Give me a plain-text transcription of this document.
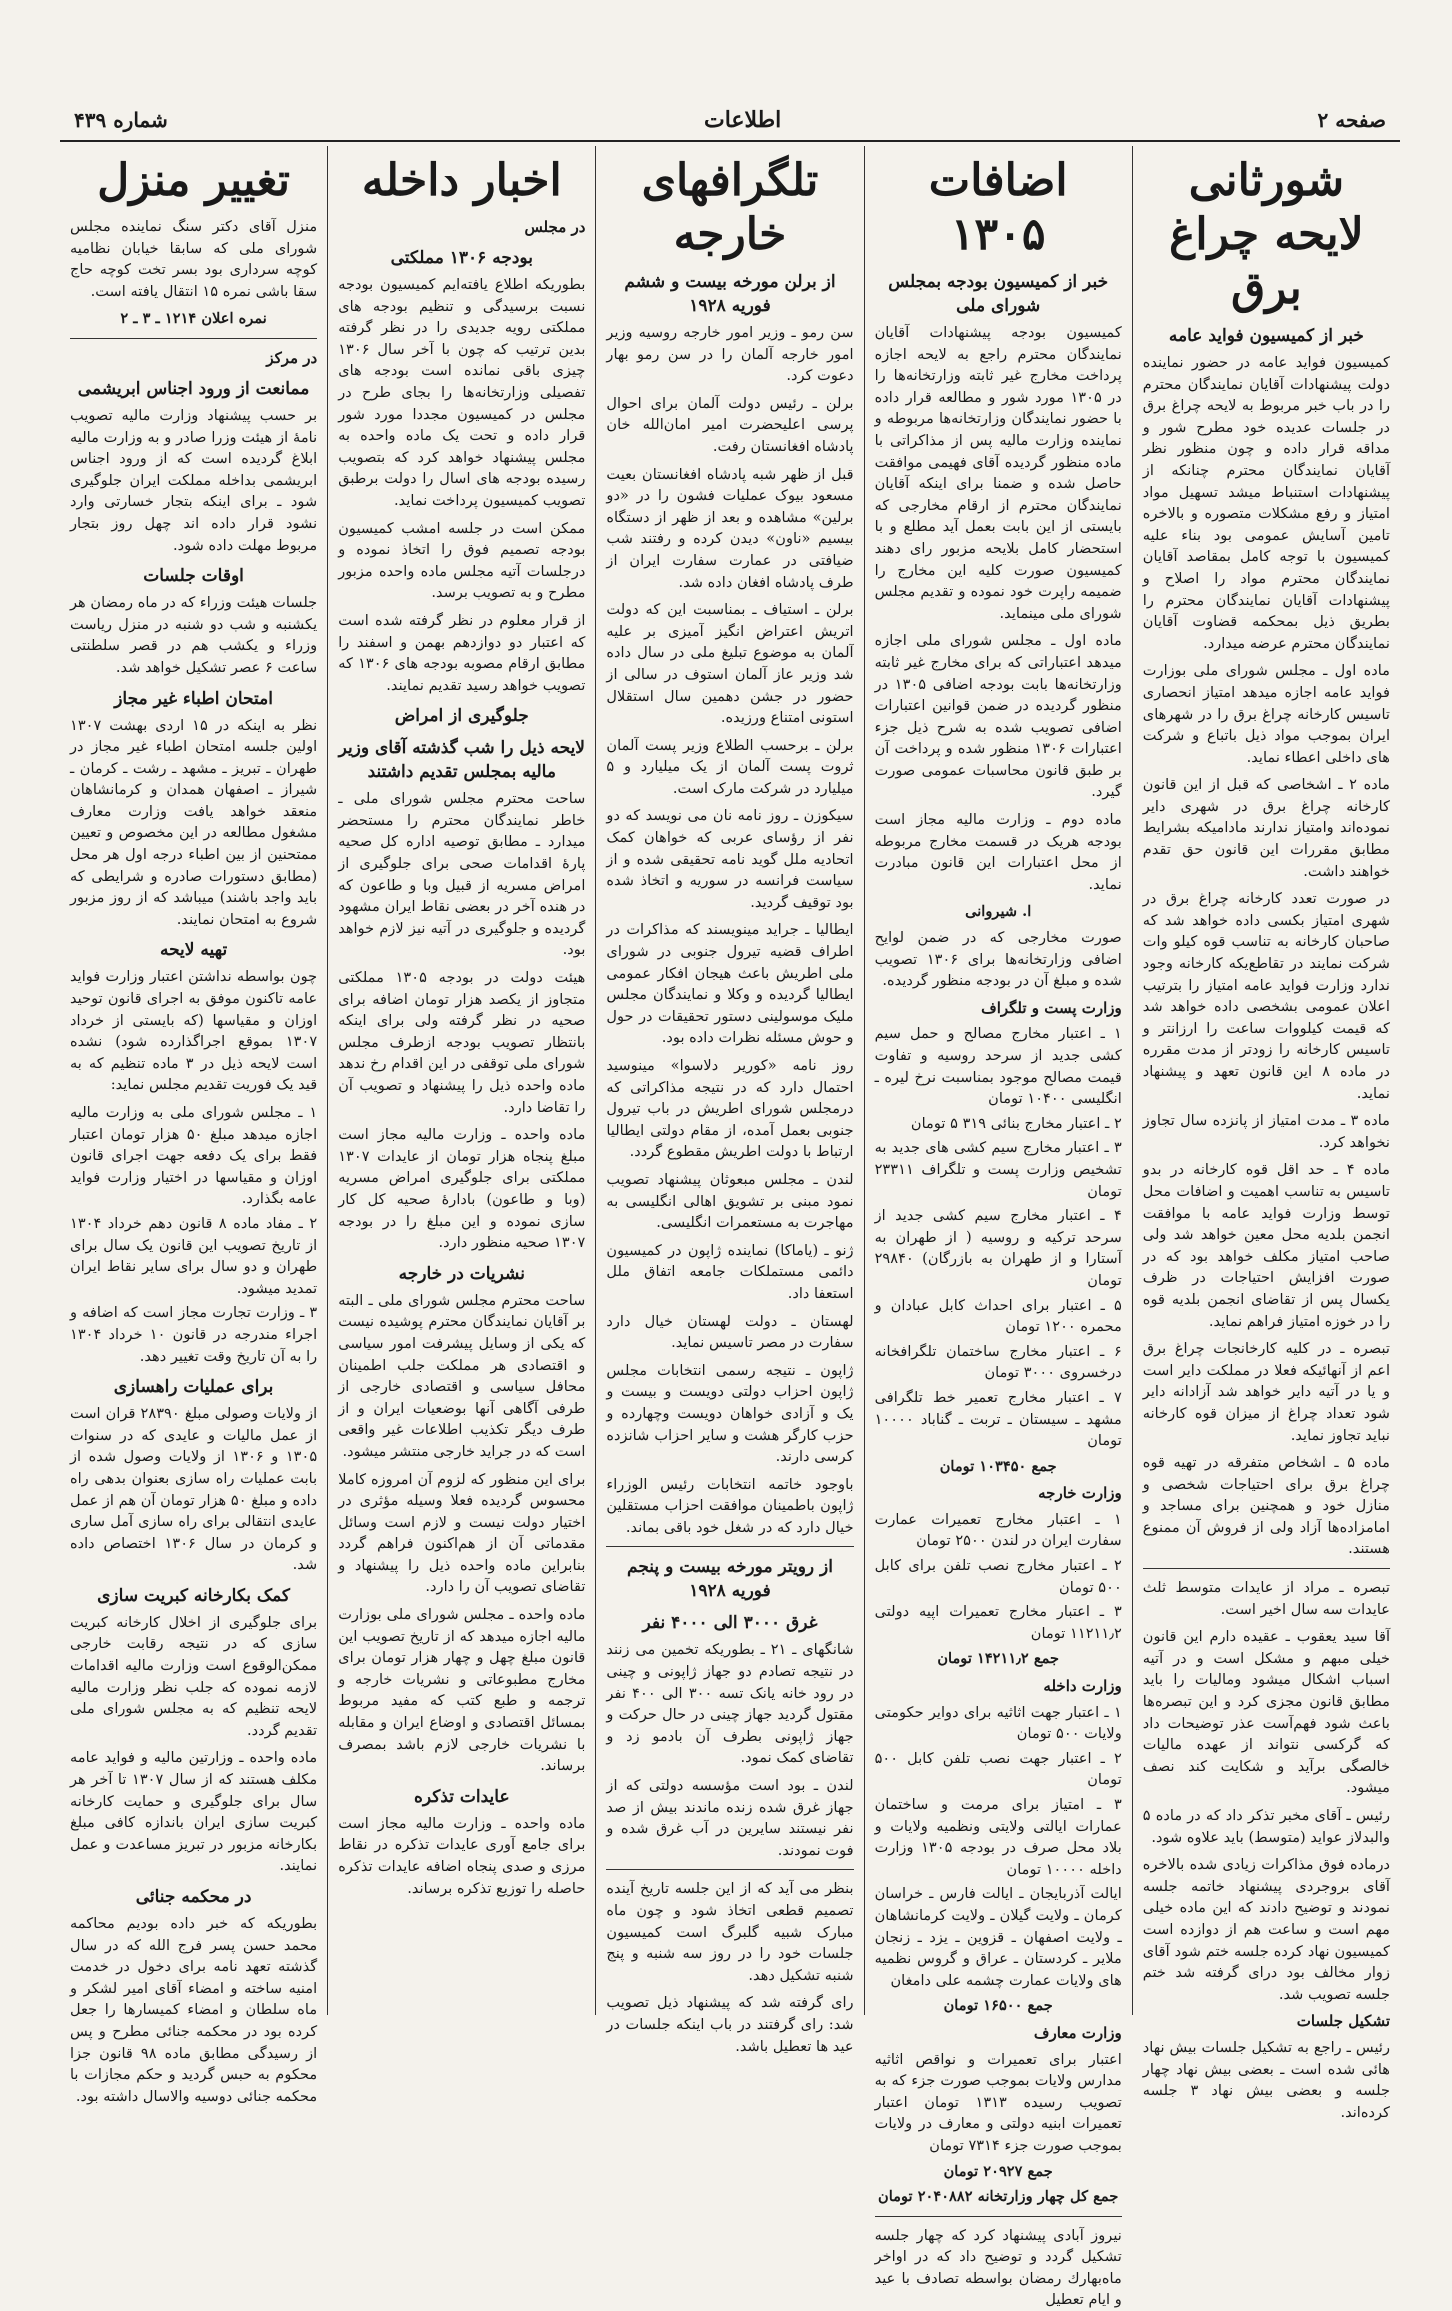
صفحه ۲
اطلاعات
شماره ۴۳۹
شورثانی لایحه چراغ برق
خبر از کمیسیون فواید عامه
کمیسیون فواید عامه در حضور نماینده دولت پیشنهادات آقایان نمایندگان محترم را در باب خبر مربوط به لایحه چراغ برق در جلسات عدیده خود مطرح شور و مداقه قرار داده و چون منظور نظر آقایان نمایندگان محترم چنانکه از پیشنهادات استنباط میشد تسهیل مواد امتیاز و رفع مشکلات متصوره و بالاخره تامین آسایش عمومی بود بناء علیه کمیسیون با توجه کامل بمقاصد آقایان نمایندگان محترم مواد را اصلاح و پیشنهادات آقایان نمایندگان محترم را بطریق ذیل بمحکمه قضاوت آقایان نمایندگان محترم عرضه میدارد.
ماده اول ـ مجلس شورای ملی بوزارت فواید عامه اجازه میدهد امتیاز انحصاری تاسیس کارخانه چراغ برق را در شهرهای ایران بموجب مواد ذیل باتباع و شرکت های داخلی اعطاء نماید.
ماده ۲ ـ اشخاصی که قبل از این قانون کارخانه چراغ برق در شهری دایر نموده‌اند وامتیاز ندارند مادامیکه بشرایط مطابق مقررات این قانون حق تقدم خواهند داشت.
در صورت تعدد کارخانه چراغ برق در شهری امتیاز بکسی داده خواهد شد که صاحبان کارخانه به تناسب قوه کیلو وات شرکت نمایند در تقاطع‌یکه کارخانه وجود ندارد وزارت فواید عامه امتیاز را بترتیب اعلان عمومی بشخصی داده خواهد شد که قیمت کیلووات ساعت را ارزانتر و تاسیس کارخانه را زودتر از مدت مقرره در ماده ۸ این قانون تعهد و پیشنهاد نماید.
ماده ۳ ـ مدت امتیاز از پانزده سال تجاوز نخواهد کرد.
ماده ۴ ـ حد اقل قوه کارخانه در بدو تاسیس به تناسب اهمیت و اضافات محل توسط وزارت فواید عامه با موافقت انجمن بلدیه محل معین خواهد شد ولی صاحب امتیاز مکلف خواهد بود که در صورت افزایش احتیاجات در ظرف یکسال پس از تقاضای انجمن بلدیه قوه را در خوزه امتیاز فراهم نماید.
تبصره ـ در کلیه کارخانجات چراغ برق اعم از آنهائیکه فعلا در مملکت دایر است و یا در آتیه دایر خواهد شد آزادانه دایر شود تعداد چراغ از میزان قوه کارخانه نباید تجاوز نماید.
ماده ۵ ـ اشخاص متفرقه در تهیه قوه چراغ برق برای احتیاجات شخصی و منازل خود و همچنین برای مساجد و امامزاده‌ها آزاد ولی از فروش آن ممنوع هستند.
تبصره ـ مراد از عایدات متوسط ثلث عایدات سه سال اخیر است.
آقا سید یعقوب ـ عقیده دارم این قانون خیلی مبهم و مشکل است و در آتیه اسباب اشکال میشود ومالیات را باید مطابق قانون مجزی کرد و این تبصره‌ها باعث شود فهم‌آست عذر توضیحات داد که گرکسی نتواند از عهده مالیات خالصگی برآید و شکایت کند نصف میشود.
رئیس ـ آقای مخبر تذکر داد که در ماده ۵ والبدلاز عواید (متوسط) باید علاوه شود.
درماده فوق مذاکرات زیادی شده بالاخره آقای بروجردی پیشنهاد خاتمه جلسه نمودند و توضیح دادند که این ماده خیلی مهم است و ساعت هم از دوازده است کمیسیون نهاد کرده جلسه ختم شود آقای زوار مخالف بود درای گرفته شد ختم جلسه تصویب شد.
تشکیل جلسات
رئیس ـ راجع به تشکیل جلسات بیش نهاد هائی شده است ـ بعضی بیش نهاد چهار جلسه و بعضی بیش نهاد ۳ جلسه کرده‌اند.
اضافات ۱۳۰۵
خبر از کمیسیون بودجه بمجلس شورای ملی
کمیسیون بودجه پیشنهادات آقایان نمایندگان محترم راجع به لایحه اجازه پرداخت مخارج غیر ثابته وزارتخانه‌ها را در ۱۳۰۵ مورد شور و مطالعه قرار داده با حضور نمایندگان وزارتخانه‌ها مربوطه و نماینده وزارت مالیه پس از مذاکراتی با ماده منظور گردیده آقای فهیمی موافقت حاصل شده و ضمنا برای اینکه آقایان نمایندگان محترم از ارقام مخارجی که بایستی از این بابت بعمل آید مطلع و با استحضار کامل بلایحه مزبور رای دهند کمیسیون صورت کلیه این مخارج را ضمیمه راپرت خود نموده و تقدیم مجلس شورای ملی مینماید.
ماده اول ـ مجلس شورای ملی اجازه میدهد اعتباراتی که برای مخارج غیر ثابته وزارتخانه‌ها بابت بودجه اضافی ۱۳۰۵ در منظور گردیده در ضمن قوانین اعتبارات اضافی تصویب شده به شرح ذیل جزء اعتبارات ۱۳۰۶ منظور شده و پرداخت آن بر طبق قانون محاسبات عمومی صورت گیرد.
ماده دوم ـ وزارت مالیه مجاز است بودجه هریک در قسمت مخارج مربوطه از محل اعتبارات این قانون مبادرت نماید.
ا. شیروانی
صورت مخارجی که در ضمن لوایح اضافی وزارتخانه‌ها برای ۱۳۰۶ تصویب شده و مبلغ آن در بودجه منظور گردیده.
وزارت پست و تلگراف
۱ ـ اعتبار مخارج مصالح و حمل سیم کشی جدید از سرحد روسیه و تفاوت قیمت مصالح موجود بمناسبت نرخ لیره ـ انگلیسی ۱۰۴۰۰ تومان
۲ ـ اعتبار مخارج بنائی ۳۱۹ ۵ تومان
۳ ـ اعتبار مخارج سیم کشی های جدید به تشخیص وزارت پست و تلگراف ۲۳۳۱۱ تومان
۴ ـ اعتبار مخارج سیم کشی جدید از سرحد ترکیه و روسیه ( از طهران به آستارا و از طهران به بازرگان) ۲۹۸۴۰ تومان
۵ ـ اعتبار برای احداث کابل عبادان و محمره ۱۲۰۰ تومان
۶ ـ اعتبار مخارج ساختمان تلگرافخانه درخسروی ۳۰۰۰ تومان
۷ ـ اعتبار مخارج تعمیر خط تلگرافی مشهد ـ سیستان ـ تربت ـ گناباد ۱۰۰۰۰ تومان
جمع ۱۰۳۴۵۰ تومان
وزارت خارجه
۱ ـ اعتبار مخارج تعمیرات عمارت سفارت ایران در لندن ۲۵۰۰ تومان
۲ ـ اعتبار مخارج نصب تلفن برای کابل ۵۰۰ تومان
۳ ـ اعتبار مخارج تعمیرات اپیه دولتی ۱۱۲۱۱٫۲ تومان
جمع ۱۴۲۱۱٫۲ تومان
وزارت داخله
۱ ـ اعتبار جهت اثاثیه برای دوایر حکومتی ولایات ۵۰۰ تومان
۲ ـ اعتبار جهت نصب تلفن کابل ۵۰۰ تومان
۳ ـ امتیاز برای مرمت و ساختمان عمارات ایالتی ولایتی ونظمیه ولایات و بلاد محل صرف در بودجه ۱۳۰۵ وزارت داخله ۱۰۰۰۰ تومان
ایالت آذربایجان ـ ایالت فارس ـ خراسان کرمان ـ ولایت گیلان ـ ولایت کرمانشاهان ـ ولایت اصفهان ـ قزوین ـ یزد ـ زنجان ملایر ـ کردستان ـ عراق و گروس نظمیه های ولایات عمارت چشمه علی دامغان
جمع ۱۶۵۰۰ تومان
وزارت معارف
اعتبار برای تعمیرات و نواقص اثاثیه مدارس ولایات بموجب صورت جزء که به تصویب رسیده ۱۳۱۳ تومان اعتبار تعمیرات ابنیه دولتی و معارف در ولایات بموجب صورت جزء ۷۳۱۴ تومان
جمع ۲۰۹۲۷ تومان
جمع کل چهار وزارتخانه ۲۰۴۰۸۸۲ تومان
نیروز آبادی پیشنهاد کرد که چهار جلسه تشکیل گردد و توضیح داد که در اواخر ماه‌بهارك رمضان بواسطه تصادف با عید و ایام تعطیل
تلگرافهای خارجه
از برلن مورخه بیست و ششم فوریه ۱۹۲۸
سن رمو ـ وزیر امور خارجه روسیه وزیر امور خارجه آلمان را در سن رمو بهار دعوت کرد.
برلن ـ رئیس دولت آلمان برای احوال پرسی اعلیحضرت امیر امان‌الله خان پادشاه افغانستان رفت.
قبل از ظهر شبه پادشاه افغانستان بعیت مسعود بیوک عملیات فشون را در «دو برلین» مشاهده و بعد از ظهر از دستگاه بیسیم «ناون» دیدن کرده و رفتند شب ضیافتی در عمارت سفارت ایران از طرف پادشاه افغان داده شد.
برلن ـ استیاف ـ بمناسبت این که دولت اتریش اعتراض انگیز آمیزی بر علیه آلمان به موضوع تبلیغ ملی در سال داده شد وزیر عاز آلمان استوف در سالی از حضور در جشن دهمین سال استقلال استونی امتناع ورزیده.
برلن ـ برحسب الطلاع وزیر پست آلمان ثروت پست آلمان از یک میلیارد و ۵ میلیارد در شرکت مارک است.
سیکوزن ـ روز نامه نان می نویسد که دو نفر از رؤسای عربی که خواهان کمک اتحادیه ملل گوید نامه تحقیقی شده و از سیاست فرانسه در سوریه و اتخاذ شده بود توقیف گردید.
ایطالیا ـ جراید مینویسند که مذاکرات در اطراف قضیه تیرول جنوبی در شورای ملی اطریش باعث هیجان افکار عمومی ایطالیا گردیده و وکلا و نمایندگان مجلس ملیک موسولینی دستور تحقیقات در حول و حوش مسئله نظرات داده بود.
روز نامه «کوریر دلاسوا» مینوسید احتمال دارد که در نتیجه مذاکراتی که درمجلس شورای اطریش در باب تیرول جنوبی بعمل آمده، از مقام دولتی ایطالیا ارتباط با دولت اطریش مقطوع گردد.
لندن ـ مجلس مبعوثان پیشنهاد تصویب نمود مبنی بر تشویق اهالی انگلیسی به مهاجرت به مستعمرات انگلیسی.
ژنو ـ (یاماکا) نماینده ژاپون در کمیسیون دائمی مستملکات جامعه اتفاق ملل استعفا داد.
لهستان ـ دولت لهستان خیال دارد سفارت در مصر تاسیس نماید.
ژاپون ـ نتیجه رسمی انتخابات مجلس ژاپون احزاب دولتی دویست و بیست و یک و آزادی خواهان دویست وچهارده و حزب کارگر هشت و سایر احزاب شانزده کرسی دارند.
باوجود خاتمه انتخابات رئیس الوزراء ژاپون باطمینان موافقت احزاب مستقلین خیال دارد که در شغل خود باقی بماند.
از رویتر مورخه بیست و پنجم فوریه ۱۹۲۸
غرق ۳۰۰۰ الی ۴۰۰۰ نفر
شانگهای ـ ۲۱ ـ بطوریکه تخمین می زنند در نتیجه تصادم دو جهاز ژاپونی و چینی در رود خانه یانک تسه ۳۰۰ الی ۴۰۰ نفر مقتول گردید جهاز چینی در حال حرکت و جهاز ژاپونی بطرف آن بادمو زد و تقاضای کمک نمود.
لندن ـ بود است مؤسسه دولتی که از جهاز غرق شده زنده ماندند بیش از صد نفر نیستند سایرین در آب غرق شده و فوت نمودند.
بنظر می آید که از این جلسه تاریخ آینده تصمیم قطعی اتخاذ شود و چون ماه مبارک شبیه گلبرگ است کمیسیون جلسات خود را در روز سه شنبه و پنج شنبه تشکیل دهد.
رای گرفته شد که پیشنهاد ذیل تصویب شد: رای گرفتند در باب اینکه جلسات در عید ها تعطیل باشد.
اخبار داخله
در مجلس
بودجه ۱۳۰۶ مملکتی
بطوریکه اطلاع یافته‌ایم کمیسیون بودجه نسبت برسیدگی و تنظیم بودجه های مملکتی رویه جدیدی را در نظر گرفته بدین ترتیب که چون با آخر سال ۱۳۰۶ چیزی باقی نمانده است بودجه های تفصیلی وزارتخانه‌ها را بجای طرح در مجلس در کمیسیون مجددا مورد شور قرار داده و تحت یک ماده واحده به مجلس پیشنهاد خواهد کرد که بتصویب رسیده بودجه های اسال را دولت برطبق تصویب کمیسیون پرداخت نماید.
ممکن است در جلسه امشب کمیسیون بودجه تصمیم فوق را اتخاذ نموده و درجلسات آتیه مجلس ماده واحده مزبور مطرح و به تصویب برسد.
از قرار معلوم در نظر گرفته شده است که اعتبار دو دوازدهم بهمن و اسفند را مطابق ارقام مصوبه بودجه های ۱۳۰۶ که تصویب خواهد رسید تقدیم نمایند.
جلوگیری از امراض
لایحه ذیل را شب گذشته آقای وزیر مالیه بمجلس تقدیم داشتند
ساحت محترم مجلس شورای ملی ـ خاطر نمایندگان محترم را مستحضر میدارد ـ مطابق توصیه اداره کل صحیه پارۀ اقدامات صحی برای جلوگیری از امراض مسریه از قبیل وبا و طاعون که در هنده آخر در بعضی نقاط ایران مشهود گردیده و جلوگیری در آتیه نیز لازم خواهد بود.
هیئت دولت در بودجه ۱۳۰۵ مملکتی متجاوز از یکصد هزار تومان اضافه برای صحیه در نظر گرفته ولی برای اینکه بانتظار تصویب بودجه ازطرف مجلس شورای ملی توقفی در این اقدام رخ ندهد ماده واحده ذیل را پیشنهاد و تصویب آن را تقاضا دارد.
ماده واحده ـ وزارت مالیه مجاز است مبلغ پنجاه هزار تومان از عایدات ۱۳۰۷ مملکتی برای جلوگیری امراض مسریه (وبا و طاعون) بادارۀ صحیه کل کار سازی نموده و این مبلغ را در بودجه ۱۳۰۷ صحیه منظور دارد.
نشریات در خارجه
ساحت محترم مجلس شورای ملی ـ البته بر آقایان نمایندگان محترم پوشیده نیست که یکی از وسایل پیشرفت امور سیاسی و اقتصادی هر مملکت جلب اطمینان محافل سیاسی و اقتصادی خارجی از طرفی آگاهی آنها بوضعیات ایران و از طرف دیگر تکذیب اطلاعات غیر واقعی است که در جراید خارجی منتشر میشود.
برای این منظور که لزوم آن امروزه کاملا محسوس گردیده فعلا وسیله مؤثری در اختیار دولت نیست و لازم است وسائل مقدماتی آن از هم‌اکنون فراهم گردد بنابراین ماده واحده ذیل را پیشنهاد و تقاضای تصویب آن را دارد.
ماده واحده ـ مجلس شورای ملی بوزارت مالیه اجازه میدهد که از تاریخ تصویب این قانون مبلغ چهل و چهار هزار تومان برای مخارج مطبوعاتی و نشریات خارجه و ترجمه و طبع کتب که مفید مربوط بمسائل اقتصادی و اوضاع ایران و مقابله با نشریات خارجی لازم باشد بمصرف برساند.
عایدات تذکره
ماده واحده ـ وزارت مالیه مجاز است برای جامع آوری عایدات تذکره در نقاط مرزی و صدی پنجاه اضافه عایدات تذکره حاصله را توزیع تذکره برساند.
تغییر منزل
منزل آقای دکتر سنگ نماینده مجلس شورای ملی که سابقا خیابان نظامیه کوچه سرداری بود بسر تخت کوچه حاج سقا باشی نمره ۱۵ انتقال یافته است.
نمره اعلان ۱۲۱۴ ـ ۳ ـ ۲
در مرکز
ممانعت از ورود اجناس ابریشمی
بر حسب پیشنهاد وزارت مالیه تصویب نامۀ از هیئت وزرا صادر و به وزارت مالیه ابلاغ گردیده است که از ورود اجناس ابریشمی بداخله مملکت ایران جلوگیری شود ـ برای اینکه بتجار خسارتی وارد نشود قرار داده اند چهل روز بتجار مربوط مهلت داده شود.
اوقات جلسات
جلسات هیئت وزراء که در ماه رمضان هر یکشنبه و شب دو شنبه در منزل ریاست وزراء و یکشب هم در قصر سلطنتی ساعت ۶ عصر تشکیل خواهد شد.
امتحان اطباء غیر مجاز
نظر به اینکه در ۱۵ اردی بهشت ۱۳۰۷ اولین جلسه امتحان اطباء غیر مجاز در طهران ـ تبریز ـ مشهد ـ رشت ـ کرمان ـ شیراز ـ اصفهان همدان و کرمانشاهان منعقد خواهد یافت وزارت معارف مشغول مطالعه در این مخصوص و تعیین ممتحنین از بین اطباء درجه اول هر محل (مطابق دستورات صادره و شرایطی که باید واجد باشند) میباشد که از روز مزبور شروع به امتحان نمایند.
تهیه لایحه
چون بواسطه نداشتن اعتبار وزارت فواید عامه تاکنون موفق به اجرای قانون توحید اوزان و مقیاسها (که بایستی از خرداد ۱۳۰۷ بموقع اجراگذارده شود) نشده است لایحه ذیل در ۳ ماده تنظیم که به قید یک فوریت تقدیم مجلس نماید:
۱ ـ مجلس شورای ملی به وزارت مالیه اجازه میدهد مبلغ ۵۰ هزار تومان اعتبار فقط برای یک دفعه جهت اجرای قانون اوزان و مقیاسها در اختیار وزارت فواید عامه بگذارد.
۲ ـ مفاد ماده ۸ قانون دهم خرداد ۱۳۰۴ از تاریخ تصویب این قانون یک سال برای طهران و دو سال برای سایر نقاط ایران تمدید میشود.
۳ ـ وزارت تجارت مجاز است که اضافه و اجراء مندرجه در قانون ۱۰ خرداد ۱۳۰۴ را به آن تاریخ وقت تغییر دهد.
برای عملیات راهسازی
از ولایات وصولی مبلغ ۲۸۳۹۰ قران است از عمل مالیات و عایدی که در سنوات ۱۳۰۵ و ۱۳۰۶ از ولایات وصول شده از بابت عملیات راه سازی بعنوان بدهی راه داده و مبلغ ۵۰ هزار تومان آن هم از عمل عایدی انتقالی برای راه سازی آمل ساری و کرمان در سال ۱۳۰۶ اختصاص داده شد.
کمک بکارخانه کبریت سازی
برای جلوگیری از اخلال کارخانه کبریت سازی که در نتیجه رقابت خارجی ممکن‌الوقوع است وزارت مالیه اقدامات لازمه نموده که جلب نظر وزارت مالیه لایحه تنظیم که به مجلس شورای ملی تقدیم گردد.
ماده واحده ـ وزارتین مالیه و فواید عامه مکلف هستند که از سال ۱۳۰۷ تا آخر هر سال برای جلوگیری و حمایت کارخانه کبریت سازی ایران باندازه کافی مبلغ بکارخانه مزبور در تبریز مساعدت و عمل نمایند.
در محکمه جنائی
بطوریکه که خبر داده بودیم محاکمه محمد حسن پسر فرج الله که در سال گذشته تعهد نامه برای دخول در خدمت امنیه ساخته و امضاء آقای امیر لشکر و ماه سلطان و امضاء کمیسارها را جعل کرده بود در محکمه جنائی مطرح و پس از رسیدگی مطابق ماده ۹۸ قانون جزا محکوم به حبس گردید و حکم مجازات با محکمه جنائی دوسیه والاسال داشته بود.
